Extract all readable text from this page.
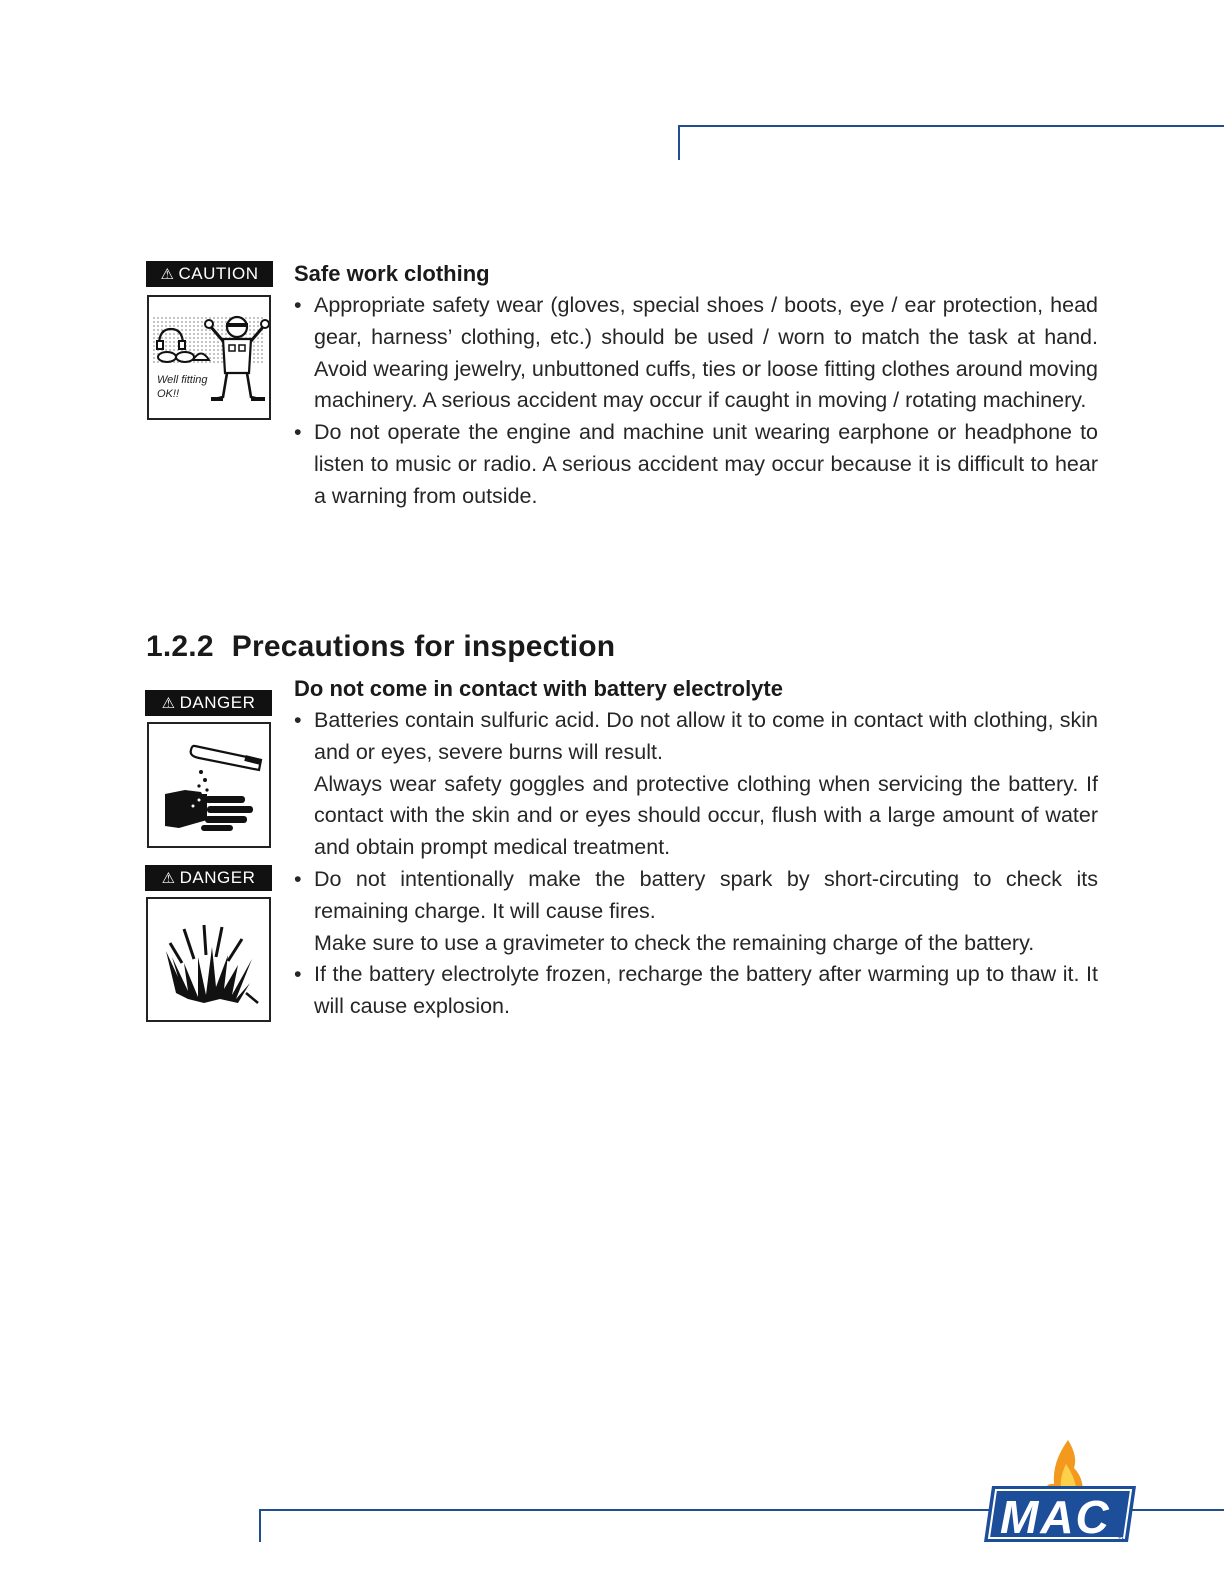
⚠ CAUTION
Well fitting
OK!!
Safe work clothing
• Appropriate safety wear (gloves, special shoes / boots, eye / ear protection, head gear, harness’ clothing, etc.) should be used / worn to match the task at hand. Avoid wearing jewelry, unbuttoned cuffs, ties or loose fitting clothes around moving machinery. A serious accident may occur if caught in moving / rotating machinery.
• Do not operate the engine and machine unit wearing earphone or headphone to listen to music or radio. A serious accident may occur because it is difficult to hear a warning from outside.
1.2.2 Precautions for inspection
⚠ DANGER
⚠ DANGER
Do not come in contact with battery electrolyte

• Batteries contain sulfuric acid. Do not allow it to come in contact with clothing, skin and or eyes, severe burns will result.

Always wear safety goggles and protective clothing when servicing the battery. If contact with the skin and or eyes should occur, flush with a large amount of water and obtain prompt medical treatment.

• Do not intentionally make the battery spark by short-circuting to check its remaining charge. It will cause fires.

Make sure to use a gravimeter to check the remaining charge of the battery.

• If the battery electrolyte frozen, recharge the battery after warming up to thaw it. It will cause explosion.

MAC TM
